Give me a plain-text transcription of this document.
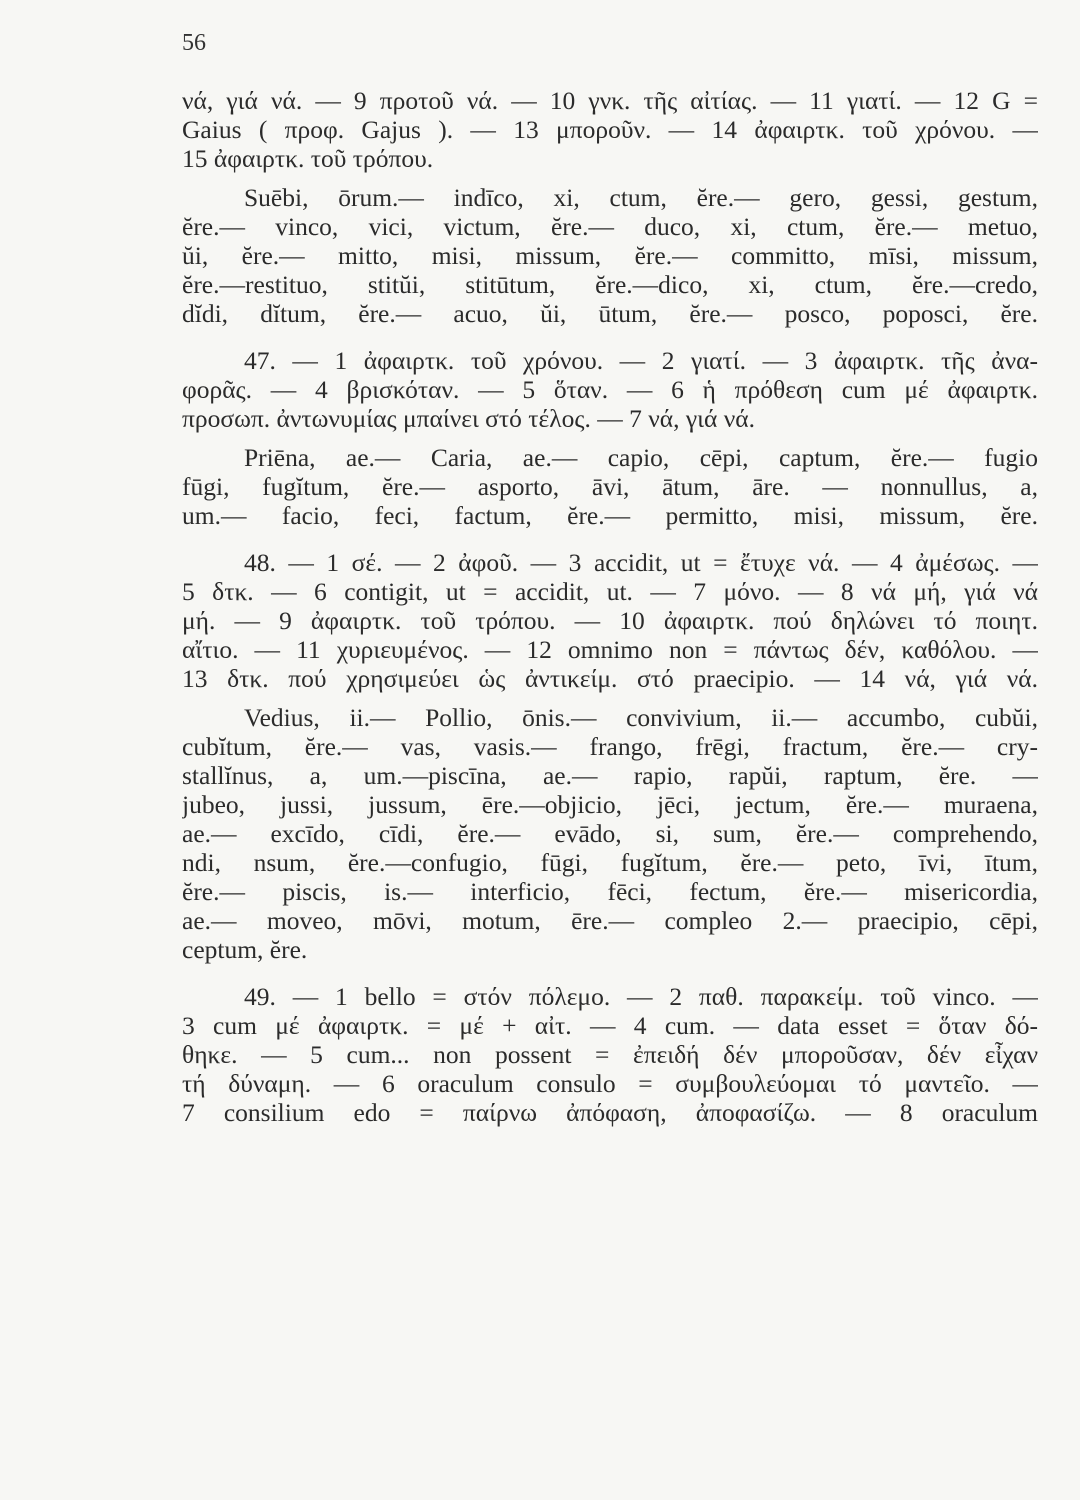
56
νά, γιά νά. — 9 προτοῦ νά. — 10 γνκ. τῆς αἰτίας. — 11 γιατί. — 12 G =
Gaius ( προφ. Gajus ). — 13 μποροῦν. — 14 ἀφαιρτκ. τοῦ χρόνου. —
15 ἀφαιρτκ. τοῦ τρόπου.
Suēbi, ōrum.— indīco, xi, ctum, ĕre.— gero, gessi, gestum,
ĕre.— vinco, vici, victum, ĕre.— duco, xi, ctum, ĕre.— metuo,
ŭi, ĕre.— mitto, misi, missum, ĕre.— committo, mīsi, missum,
ĕre.—restituo, stitŭi, stitūtum, ĕre.—dico, xi, ctum, ĕre.—credo,
dĭdi, dĭtum, ĕre.— acuo, ŭi, ūtum, ĕre.— posco, poposci, ĕre.
47. — 1 ἀφαιρτκ. τοῦ χρόνου. — 2 γιατί. — 3 ἀφαιρτκ. τῆς ἀνα-
φορᾶς. — 4 βρισκόταν. — 5 ὅταν. — 6 ἡ πρόθεση cum μέ ἀφαιρτκ.
προσωπ. ἀντωνυμίας μπαίνει στό τέλος. — 7 νά, γιά νά.
Priēna, ae.— Caria, ae.— capio, cēpi, captum, ĕre.— fugio
fūgi, fugĭtum, ĕre.— asporto, āvi, ātum, āre. — nonnullus, a,
um.— facio, feci, factum, ĕre.— permitto, misi, missum, ĕre.
48. — 1 σέ. — 2 ἀφοῦ. — 3 accidit, ut = ἔτυχε νά. — 4 ἀμέσως. —
5 δτκ. — 6 contigit, ut = accidit, ut. — 7 μόνο. — 8 νά μή, γιά νά
μή. — 9 ἀφαιρτκ. τοῦ τρόπου. — 10 ἀφαιρτκ. πού δηλώνει τό ποιητ.
αἴτιο. — 11 χυριευμένος. — 12 omnimo non = πάντως δέν, καθόλου. —
13 δτκ. πού χρησιμεύει ὡς ἀντικείμ. στό praecipio. — 14 νά, γιά νά.
Vedius, ii.— Pollio, ōnis.— convivium, ii.— accumbo, cubŭi,
cubĭtum, ĕre.— vas, vasis.— frango, frēgi, fractum, ĕre.— cry-
stallĭnus, a, um.—piscīna, ae.— rapio, rapŭi, raptum, ĕre. —
jubeo, jussi, jussum, ēre.—objicio, jēci, jectum, ĕre.— muraena,
ae.— excīdo, cīdi, ĕre.— evādo, si, sum, ĕre.— comprehendo,
ndi, nsum, ĕre.—confugio, fūgi, fugĭtum, ĕre.— peto, īvi, ītum,
ĕre.— piscis, is.— interficio, fēci, fectum, ĕre.— misericordia,
ae.— moveo, mōvi, motum, ēre.— compleo 2.— praecipio, cēpi,
ceptum, ĕre.
49. — 1 bello = στόν πόλεμο. — 2 παθ. παρακείμ. τοῦ vinco. —
3 cum μέ ἀφαιρτκ. = μέ + αἰτ. — 4 cum. — data esset = ὅταν δό-
θηκε. — 5 cum... non possent = ἐπειδή δέν μποροῦσαν, δέν εἶχαν
τή δύναμη. — 6 oraculum consulo = συμβουλεύομαι τό μαντεῖο. —
7 consilium edo = παίρνω ἀπόφαση, ἀποφασίζω. — 8 oraculum
